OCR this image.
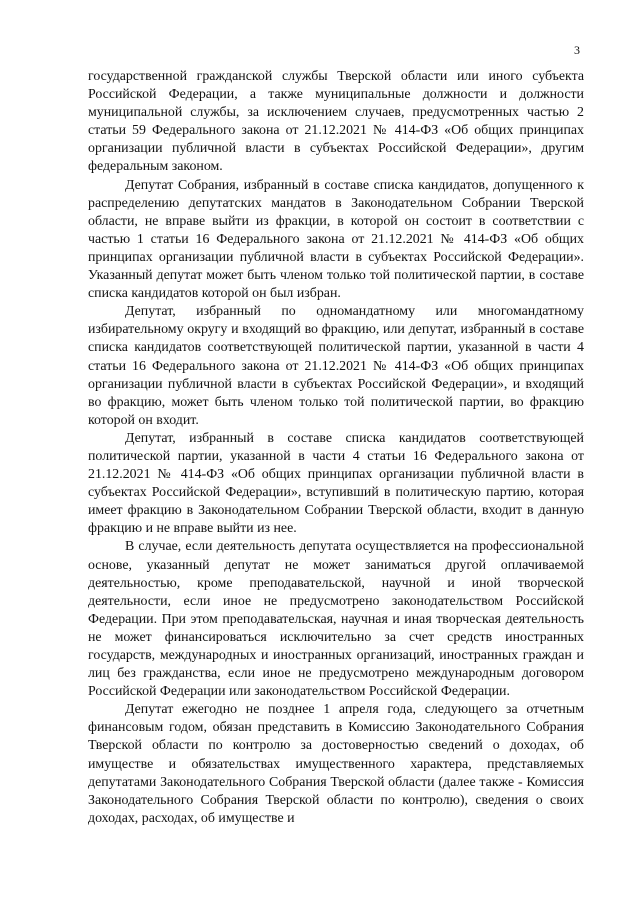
3

государственной гражданской службы Тверской области или иного субъекта Российской Федерации, а также муниципальные должности и должности муниципальной службы, за исключением случаев, предусмотренных частью 2 статьи 59 Федерального закона от 21.12.2021 № 414-ФЗ «Об общих принципах организации публичной власти в субъектах Российской Федерации», другим федеральным законом.

Депутат Собрания, избранный в составе списка кандидатов, допущенного к распределению депутатских мандатов в Законодательном Собрании Тверской области, не вправе выйти из фракции, в которой он состоит в соответствии с частью 1 статьи 16 Федерального закона от 21.12.2021 № 414-ФЗ «Об общих принципах организации публичной власти в субъектах Российской Федерации». Указанный депутат может быть членом только той политической партии, в составе списка кандидатов которой он был избран.

Депутат, избранный по одномандатному или многомандатному избирательному округу и входящий во фракцию, или депутат, избранный в составе списка кандидатов соответствующей политической партии, указанной в части 4 статьи 16 Федерального закона от 21.12.2021 № 414-ФЗ «Об общих принципах организации публичной власти в субъектах Российской Федерации», и входящий во фракцию, может быть членом только той политической партии, во фракцию которой он входит.

Депутат, избранный в составе списка кандидатов соответствующей политической партии, указанной в части 4 статьи 16 Федерального закона от 21.12.2021 № 414-ФЗ «Об общих принципах организации публичной власти в субъектах Российской Федерации», вступивший в политическую партию, которая имеет фракцию в Законодательном Собрании Тверской области, входит в данную фракцию и не вправе выйти из нее.

В случае, если деятельность депутата осуществляется на профессиональной основе, указанный депутат не может заниматься другой оплачиваемой деятельностью, кроме преподавательской, научной и иной творческой деятельности, если иное не предусмотрено законодательством Российской Федерации. При этом преподавательская, научная и иная творческая деятельность не может финансироваться исключительно за счет средств иностранных государств, международных и иностранных организаций, иностранных граждан и лиц без гражданства, если иное не предусмотрено международным договором Российской Федерации или законодательством Российской Федерации.

Депутат ежегодно не позднее 1 апреля года, следующего за отчетным финансовым годом, обязан представить в Комиссию Законодательного Собрания Тверской области по контролю за достоверностью сведений о доходах, об имуществе и обязательствах имущественного характера, представляемых депутатами Законодательного Собрания Тверской области (далее также - Комиссия Законодательного Собрания Тверской области по контролю), сведения о своих доходах, расходах, об имуществе и
